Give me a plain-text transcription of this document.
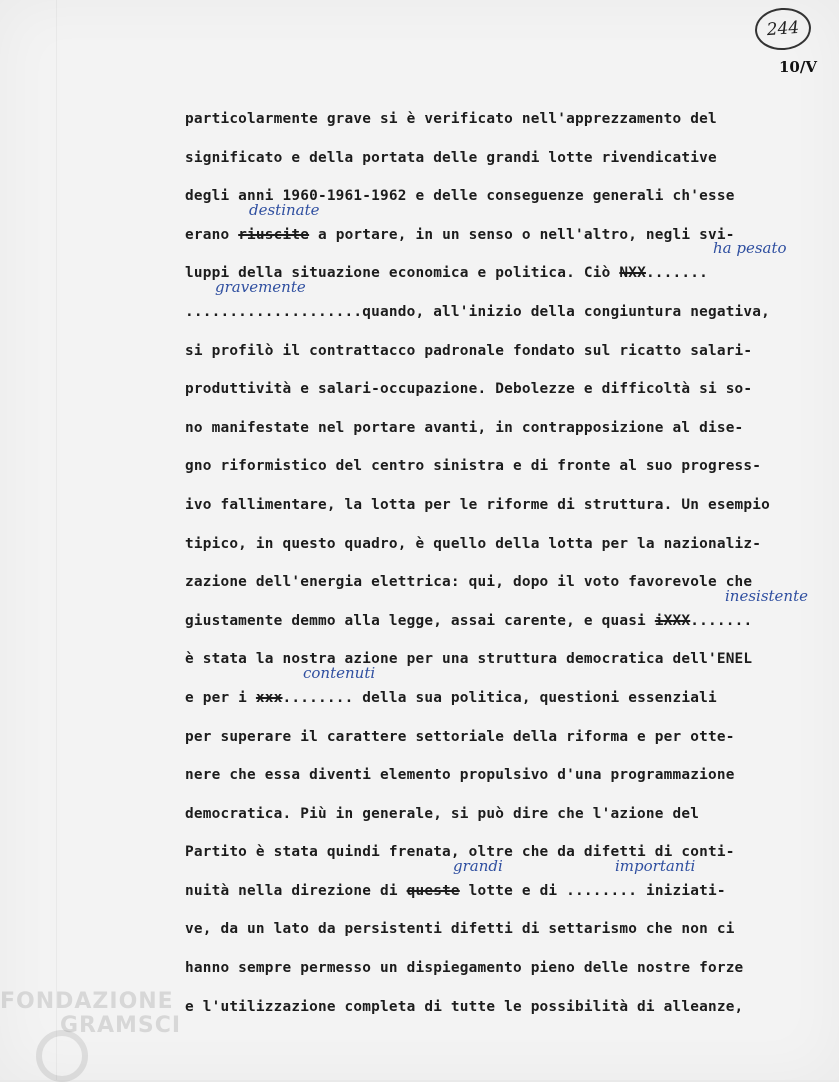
244
10/V
particolarmente grave si è verificato nell'apprezzamento del
significato e della portata delle grandi lotte rivendicative
degli anni 1960-1961-1962 e delle conseguenze generali ch'esse
erano riuscite a portare, in un senso o nell'altro, negli svi-
destinate
luppi della situazione economica e politica. Ciò NXX.......
ha pesato
....................quando, all'inizio della congiuntura negativa,
gravemente
si profilò il contrattacco padronale fondato sul ricatto salari-
produttività e salari-occupazione. Debolezze e difficoltà si so-
no manifestate nel portare avanti, in contrapposizione al dise-
gno riformistico del centro sinistra e di fronte al suo progress-
ivo fallimentare, la lotta per le riforme di struttura. Un esempio
tipico, in questo quadro, è quello della lotta per la nazionaliz-
zazione dell'energia elettrica: qui, dopo il voto favorevole che
giustamente demmo alla legge, assai carente, e quasi iXXX.......
inesistente
è stata la nostra azione per una struttura democratica dell'ENEL
e per i xxx........ della sua politica, questioni essenziali
contenuti
per superare il carattere settoriale della riforma e per otte-
nere che essa diventi elemento propulsivo d'una programmazione
democratica. Più in generale, si può dire che l'azione del
Partito è stata quindi frenata, oltre che da difetti di conti-
nuità nella direzione di queste lotte e di ........ iniziati-
grandi	importanti
ve, da un lato da persistenti difetti di settarismo che non ci
hanno sempre permesso un dispiegamento pieno delle nostre forze
e l'utilizzazione completa di tutte le possibilità di alleanze,
FONDAZIONE
GRAMSCI
